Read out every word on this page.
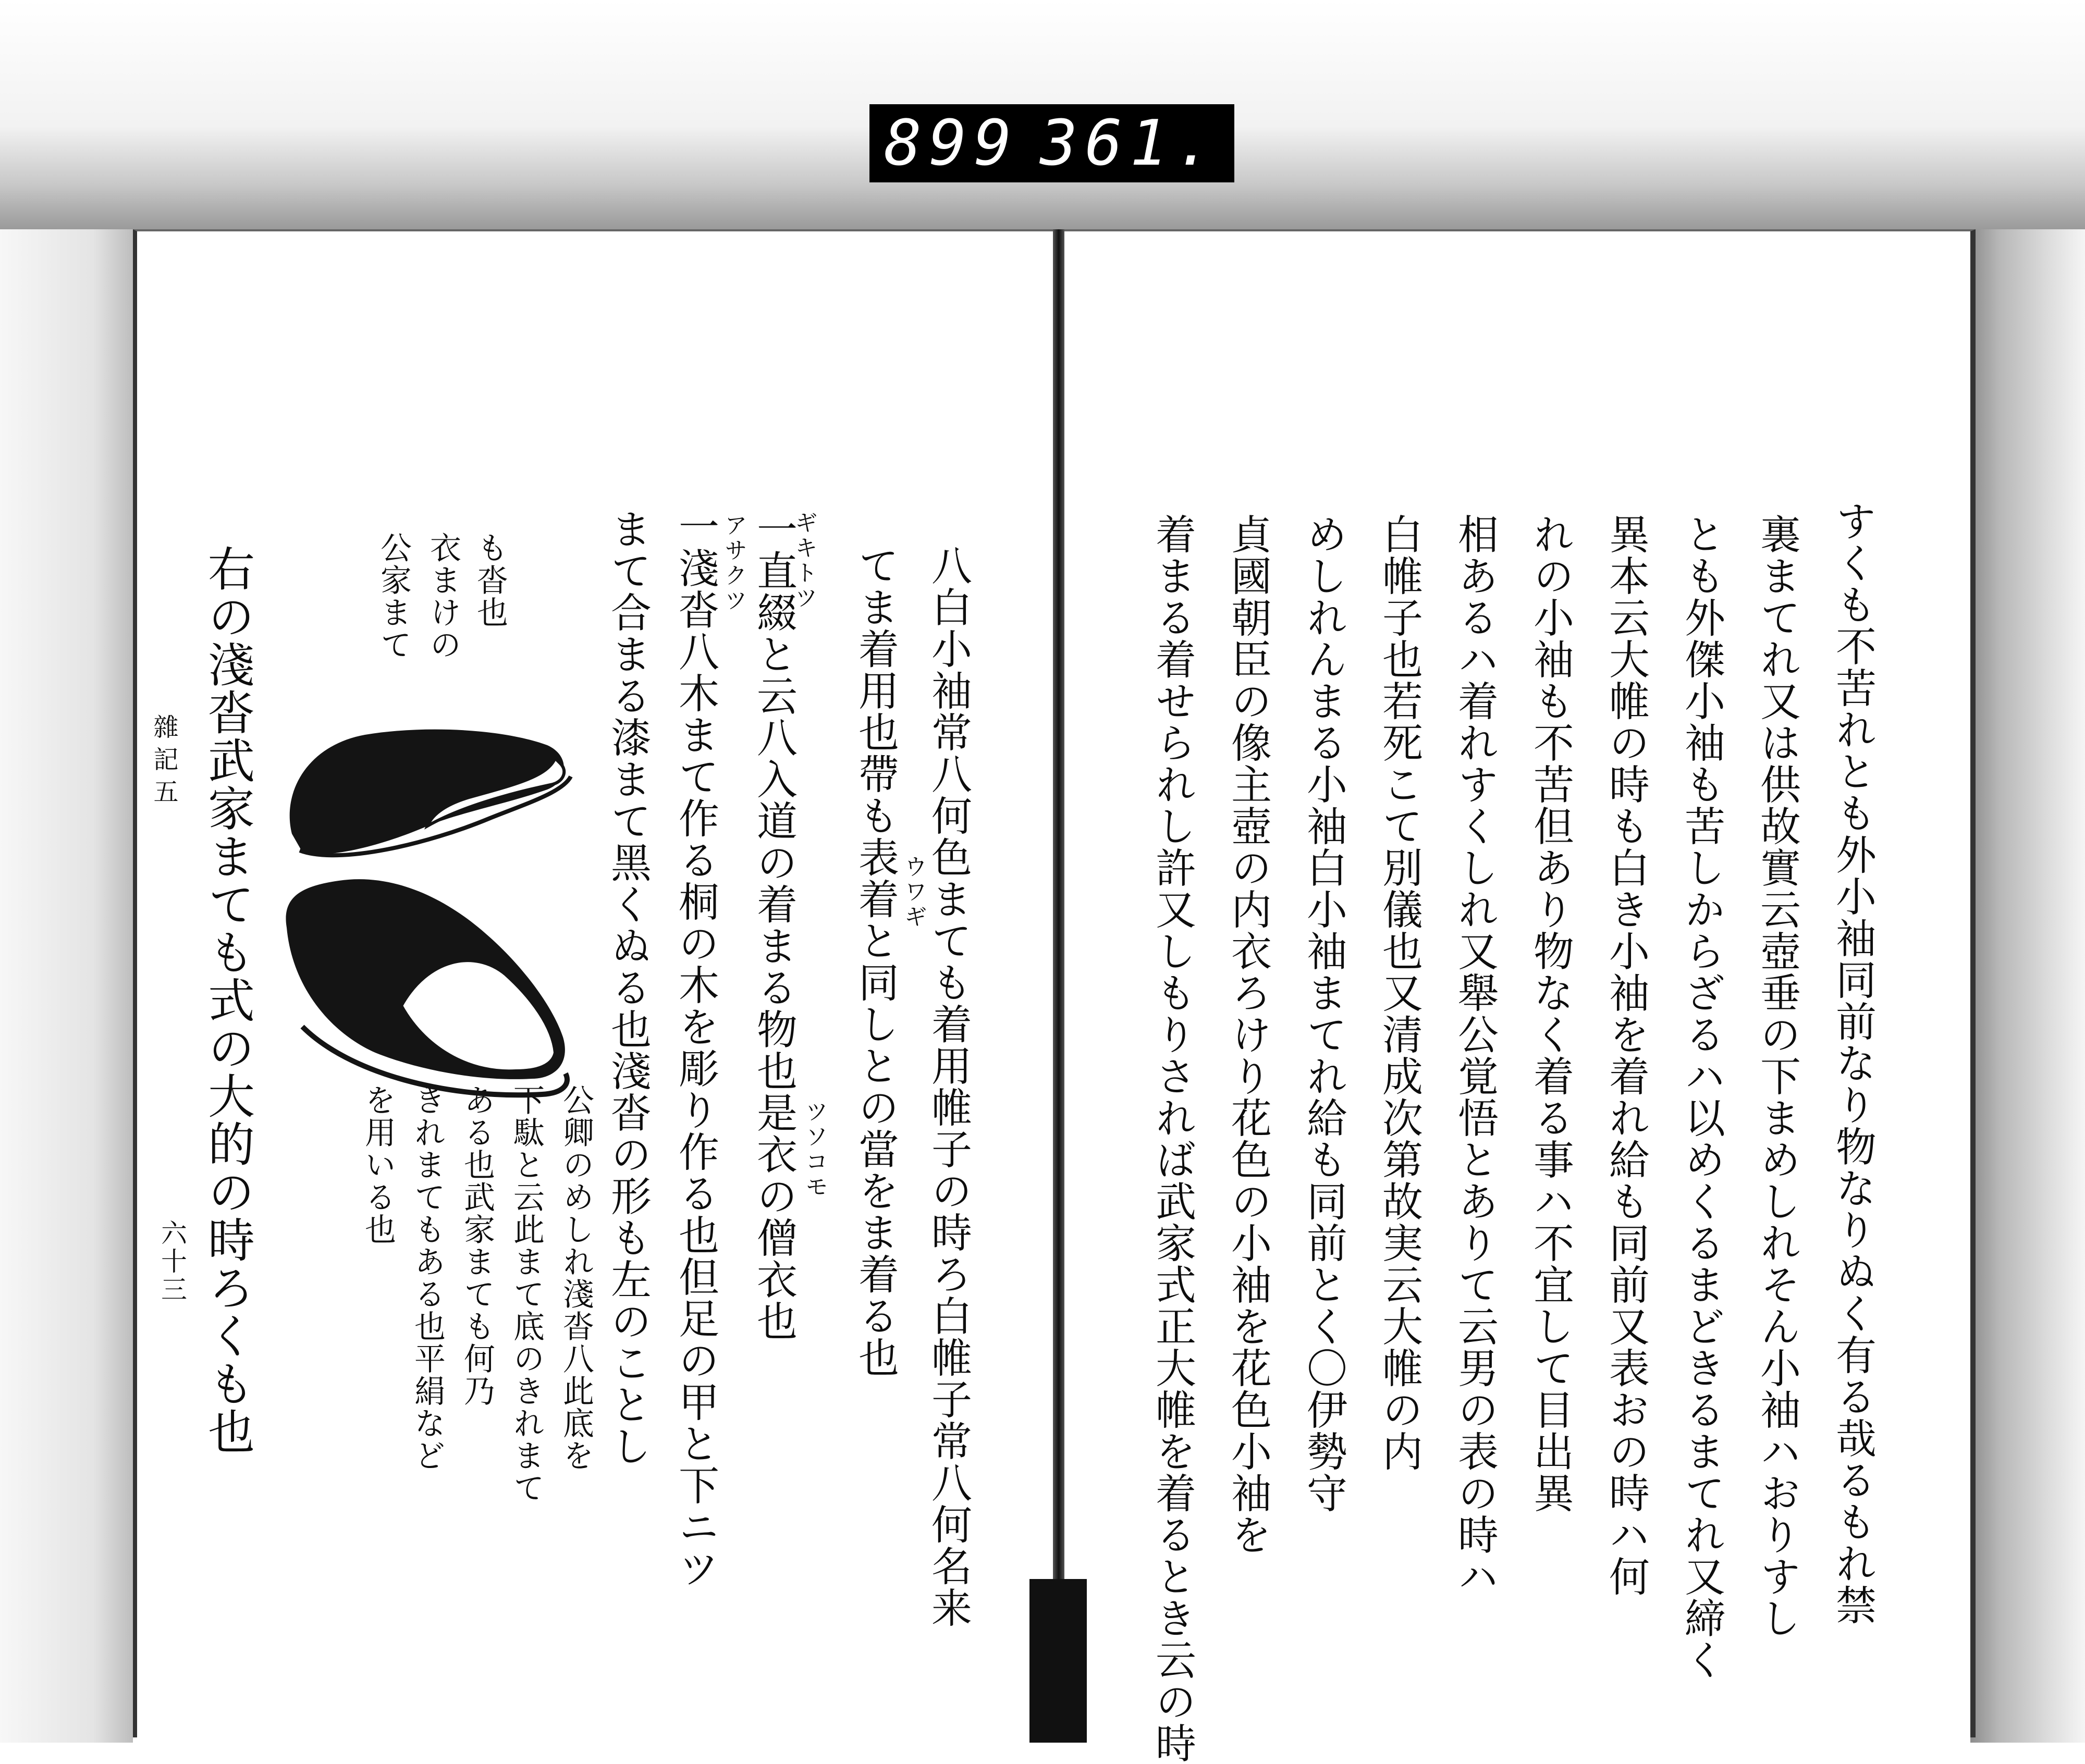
899 361.
雜記五
六十三 右の淺沓武家まても式の大的の時ろくも也	公家まて 衣まけの も沓也
を用いる也 きれまてもある也平絹など ある也武家まても何乃 下駄と云此まて底のきれまて 公卿のめしれ淺沓八此底を まて合まる漆まて黑くぬる也淺沓の形も左のことし 一淺沓八木まて作る桐の木を彫り作る也但足の甲と下ニツ アサクツ 一直綴と云八入道の着まる物也是衣の僧衣也
ギキトツ
ツソコモ てま着用也帶も表着と同しとの當をま着る也 ウワギ
八白小袖常八何色まても着用帷子の時ろ白帷子常八何名来	着まる着せられし許又しもりされば武家式正大帷を着るとき云の時 貞國朝臣の像主壺の内衣ろけり花色の小袖を花色小袖を めしれんまる小袖白小袖まてれ給も同前とく〇伊勢守 白帷子也若死こて別儀也又清成次第故実云大帷の内 相あるハ着れすくしれ又舉公覚悟とありて云男の表の時ハ れの小袖も不苦但あり物なく着る事ハ不宜して目出異 異本云大帷の時も白き小袖を着れ給も同前又表おの時ハ何 とも外傑小袖も苦しからざるハ以めくるまどきるまてれ又締く 裏まてれ又は供故實云壺垂の下まめしれそん小袖ハおりすし すくも不苦れとも外小袖同前なり物なりぬく有る哉るもれ禁
